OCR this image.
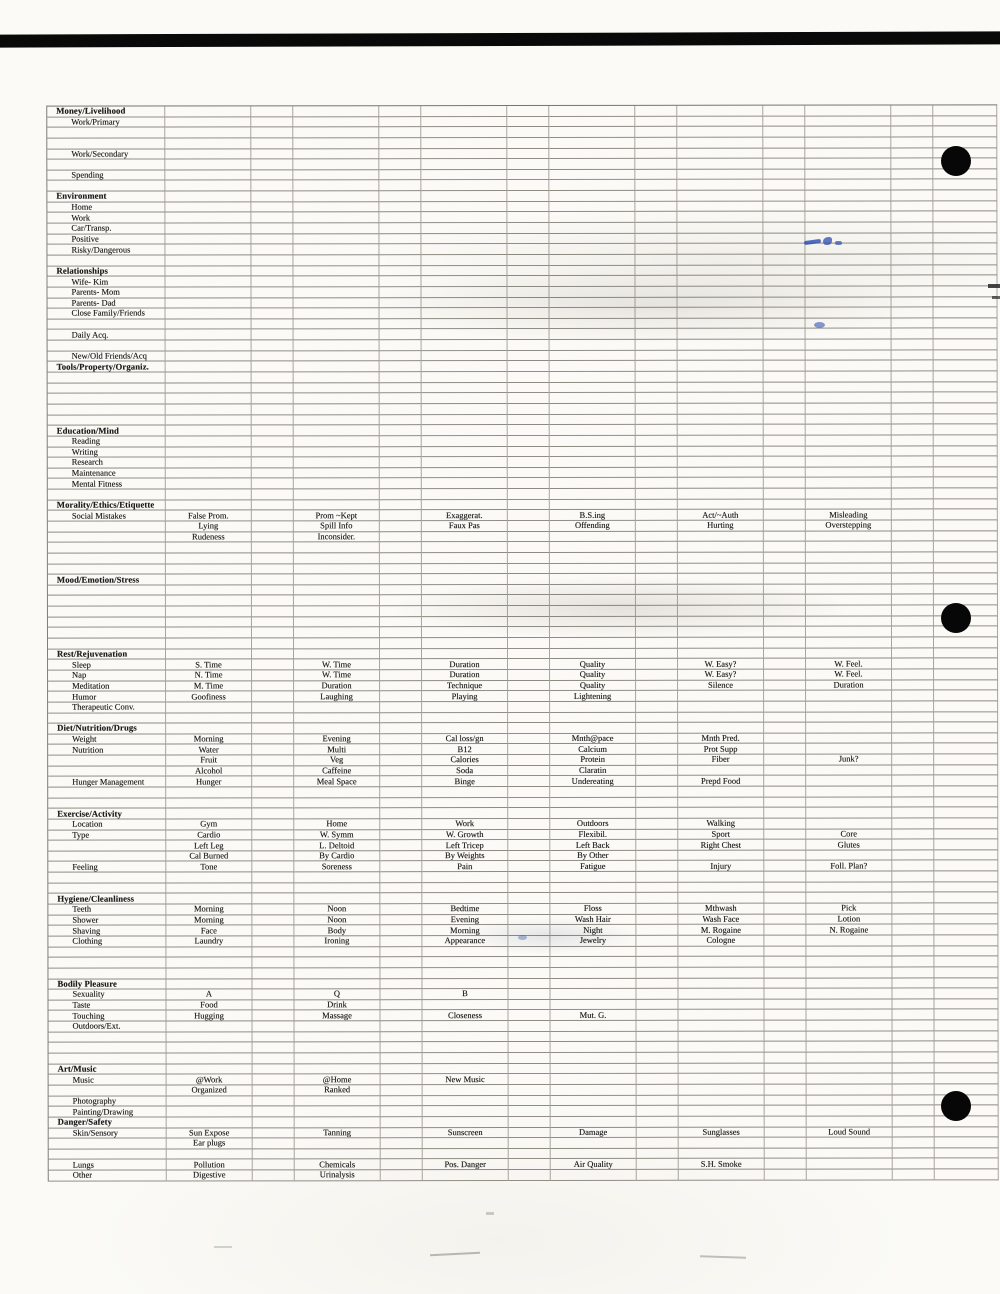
Money/Livelihood													
Work/Primary													

Work/Secondary													

Spending													

Environment													
Home													
Work													
Car/Transp.													
Positive													
Risky/Dangerous													

Relationships													
Wife- Kim													
Parents- Mom													
Parents- Dad													
Close Family/Friends													

Daily Acq.													

New/Old Friends/Acq													
Tools/Property/Organiz.													

Education/Mind													
Reading													
Writing													
Research													
Maintenance													
Mental Fitness													

Morality/Ethics/Etiquette													
Social Mistakes	False Prom.		Prom ~Kept		Exaggerat.		B.S.ing		Act/~Auth		Misleading		
	Lying		Spill Info		Faux Pas		Offending		Hurting		Overstepping		
	Rudeness		Inconsider.										

Mood/Emotion/Stress													

Rest/Rejuvenation													
Sleep	S. Time		W. Time		Duration		Quality		W. Easy?		W. Feel.		
Nap	N. Time		W. Time		Duration		Quality		W. Easy?		W. Feel.		
Meditation	M. Time		Duration		Technique		Quality		Silence		Duration		
Humor	Goofiness		Laughing		Playing		Lightening						
Therapeutic Conv.													

Diet/Nutrition/Drugs													
Weight	Morning		Evening		Cal loss/gn		Mnth@pace		Mnth Pred.				
Nutrition	Water		Multi		B12		Calcium		Prot Supp				
	Fruit		Veg		Calories		Protein		Fiber		Junk?		
	Alcohol		Caffeine		Soda		Claratin						
Hunger Management	Hunger		Meal Space		Binge		Undereating		Prepd Food				

Exercise/Activity													
Location	Gym		Home		Work		Outdoors		Walking				
Type	Cardio		W. Symm		W. Growth		Flexibil.		Sport		Core		
	Left Leg		L. Deltoid		Left Tricep		Left Back		Right Chest		Glutes		
	Cal Burned		By Cardio		By Weights		By Other						
Feeling	Tone		Soreness		Pain		Fatigue		Injury		Foll. Plan?		

Hygiene/Cleanliness													
Teeth	Morning		Noon		Bedtime		Floss		Mthwash		Pick		
Shower	Morning		Noon		Evening		Wash Hair		Wash Face		Lotion		
Shaving	Face		Body		Morning		Night		M. Rogaine		N. Rogaine		
Clothing	Laundry		Ironing		Appearance		Jewelry		Cologne				

Bodily Pleasure													
Sexuality	A		Q		B								
Taste	Food		Drink										
Touching	Hugging		Massage		Closeness		Mut. G.						
Outdoors/Ext.													

Art/Music													
Music	@Work		@Home		New Music								
	Organized		Ranked										
Photography													
Painting/Drawing													
Danger/Safety													
Skin/Sensory	Sun Expose		Tanning		Sunscreen		Damage		Sunglasses		Loud Sound		
	Ear plugs												

Lungs	Pollution		Chemicals		Pos. Danger		Air Quality		S.H. Smoke				
Other	Digestive		Urinalysis										
